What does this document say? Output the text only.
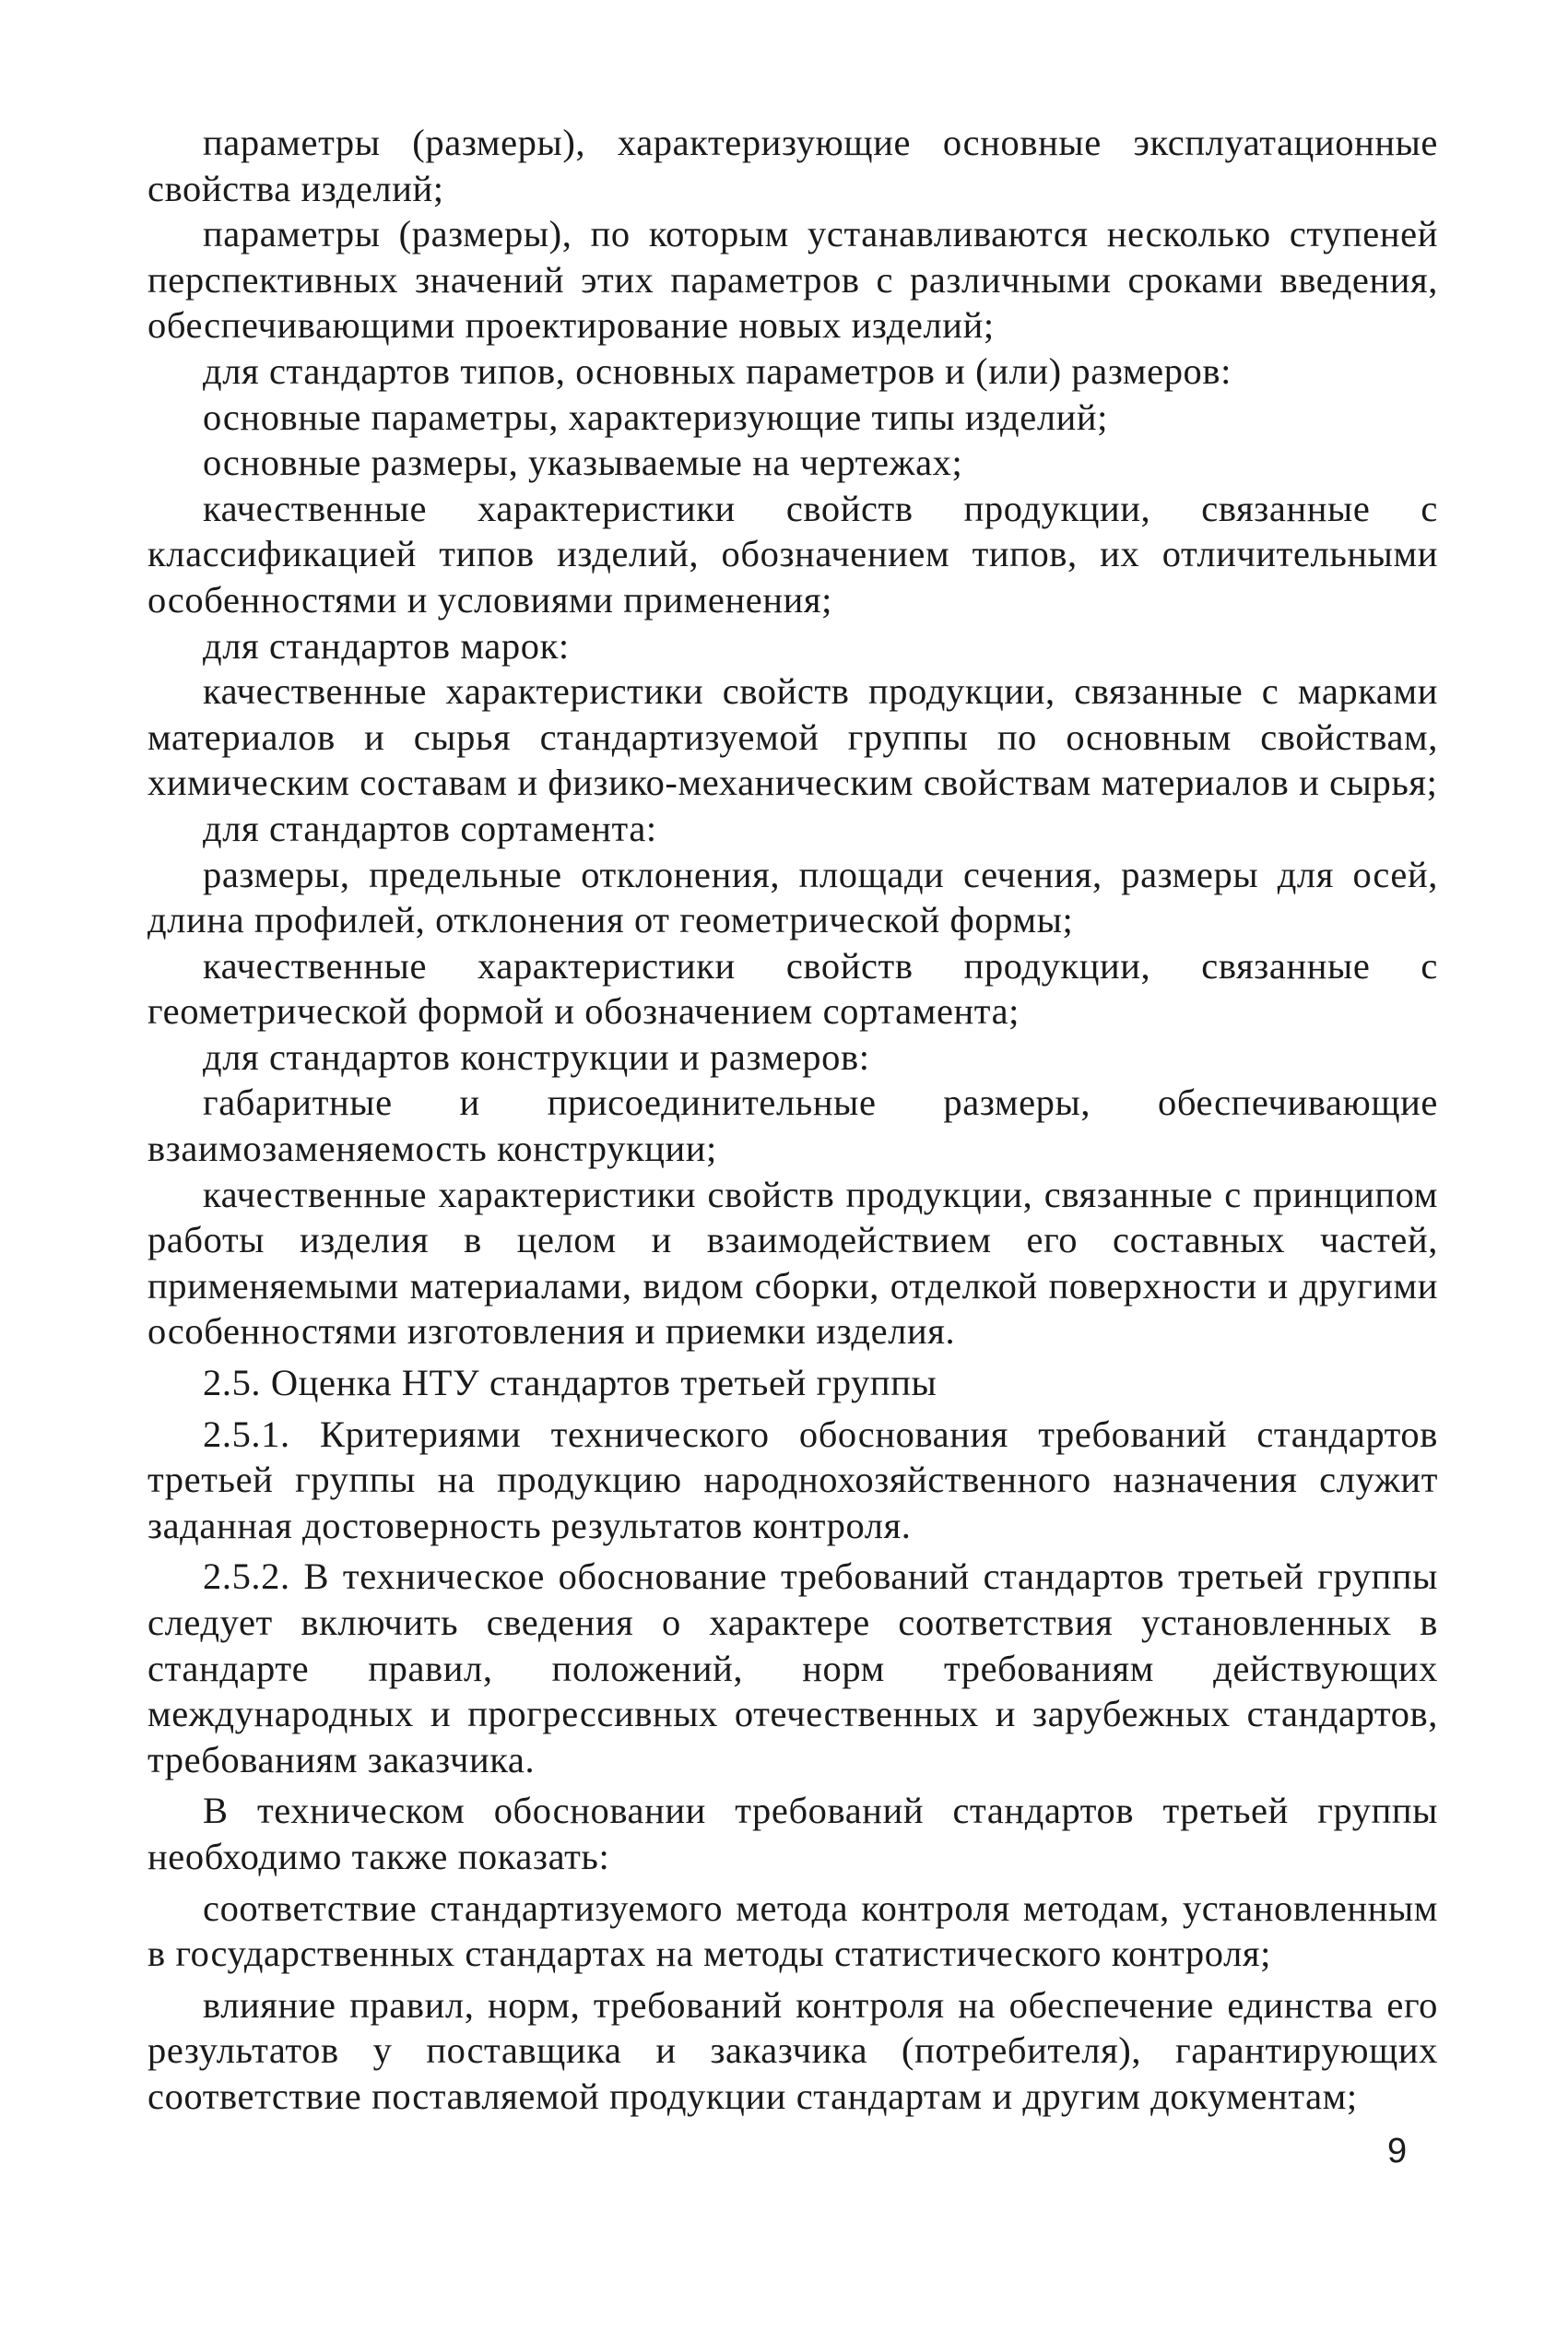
параметры (размеры), характеризующие основные эксплуатационные свойства изделий;

параметры (размеры), по которым устанавливаются несколько ступеней перспективных значений этих параметров с различными сроками введения, обеспечивающими проектирование новых изделий;

для стандартов типов, основных параметров и (или) размеров:

основные параметры, характеризующие типы изделий;

основные размеры, указываемые на чертежах;

качественные характеристики свойств продукции, связанные с классификацией типов изделий, обозначением типов, их отличительными особенностями и условиями применения;

для стандартов марок:

качественные характеристики свойств продукции, связанные с марками материалов и сырья стандартизуемой группы по основным свойствам, химическим составам и физико-механическим свойствам материалов и сырья;

для стандартов сортамента:

размеры, предельные отклонения, площади сечения, размеры для осей, длина профилей, отклонения от геометрической формы;

качественные характеристики свойств продукции, связанные с геометрической формой и обозначением сортамента;

для стандартов конструкции и размеров:

габаритные и присоединительные размеры, обеспечивающие взаимозаменяемость конструкции;

качественные характеристики свойств продукции, связанные с принципом работы изделия в целом и взаимодействием его составных частей, применяемыми материалами, видом сборки, отделкой поверхности и другими особенностями изготовления и приемки изделия.

2.5. Оценка НТУ стандартов третьей группы

2.5.1. Критериями технического обоснования требований стандартов третьей группы на продукцию народнохозяйственного назначения служит заданная достоверность результатов контроля.

2.5.2. В техническое обоснование требований стандартов третьей группы следует включить сведения о характере соответствия установленных в стандарте правил, положений, норм требованиям действующих международных и прогрессивных отечественных и зарубежных стандартов, требованиям заказчика.

В техническом обосновании требований стандартов третьей группы необходимо также показать:

соответствие стандартизуемого метода контроля методам, установленным в государственных стандартах на методы статистического контроля;

влияние правил, норм, требований контроля на обеспечение единства его результатов у поставщика и заказчика (потребителя), гарантирующих соответствие поставляемой продукции стандартам и другим документам;

9
